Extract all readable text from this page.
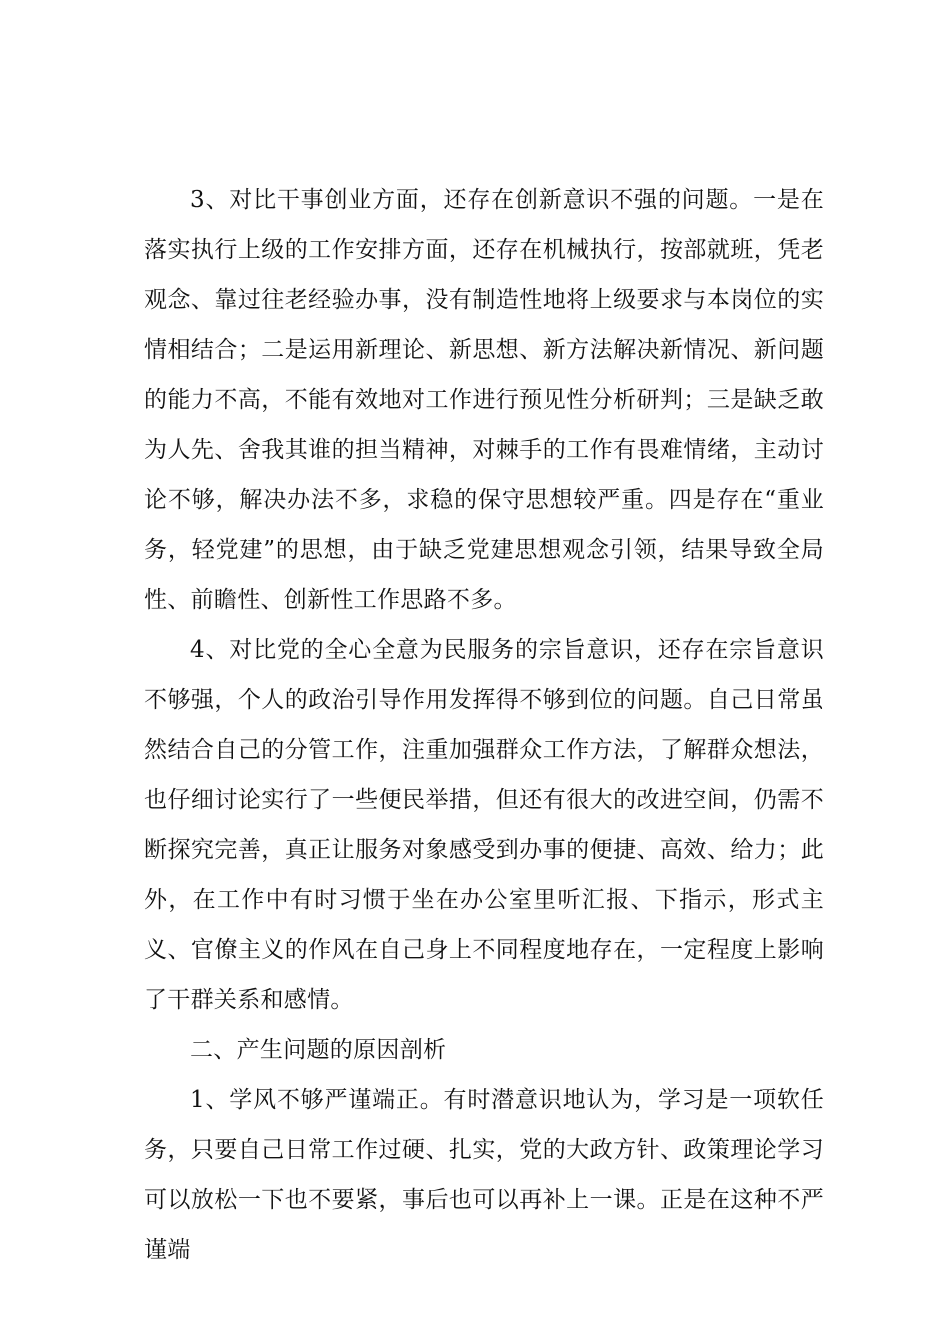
3、对比干事创业方面，还存在创新意识不强的问题。一是在落实执行上级的工作安排方面，还存在机械执行，按部就班，凭老观念、靠过往老经验办事，没有制造性地将上级要求与本岗位的实情相结合；二是运用新理论、新思想、新方法解决新情况、新问题的能力不高，不能有效地对工作进行预见性分析研判；三是缺乏敢为人先、舍我其谁的担当精神，对棘手的工作有畏难情绪，主动讨论不够，解决办法不多，求稳的保守思想较严重。四是存在“重业务，轻党建”的思想，由于缺乏党建思想观念引领，结果导致全局性、前瞻性、创新性工作思路不多。

4、对比党的全心全意为民服务的宗旨意识，还存在宗旨意识不够强，个人的政治引导作用发挥得不够到位的问题。自己日常虽然结合自己的分管工作，注重加强群众工作方法，了解群众想法，也仔细讨论实行了一些便民举措，但还有很大的改进空间，仍需不断探究完善，真正让服务对象感受到办事的便捷、高效、给力；此外，在工作中有时习惯于坐在办公室里听汇报、下指示，形式主义、官僚主义的作风在自己身上不同程度地存在，一定程度上影响了干群关系和感情。

二、产生问题的原因剖析

1、学风不够严谨端正。有时潜意识地认为，学习是一项软任务，只要自己日常工作过硬、扎实，党的大政方针、政策理论学习可以放松一下也不要紧，事后也可以再补上一课。正是在这种不严谨端
